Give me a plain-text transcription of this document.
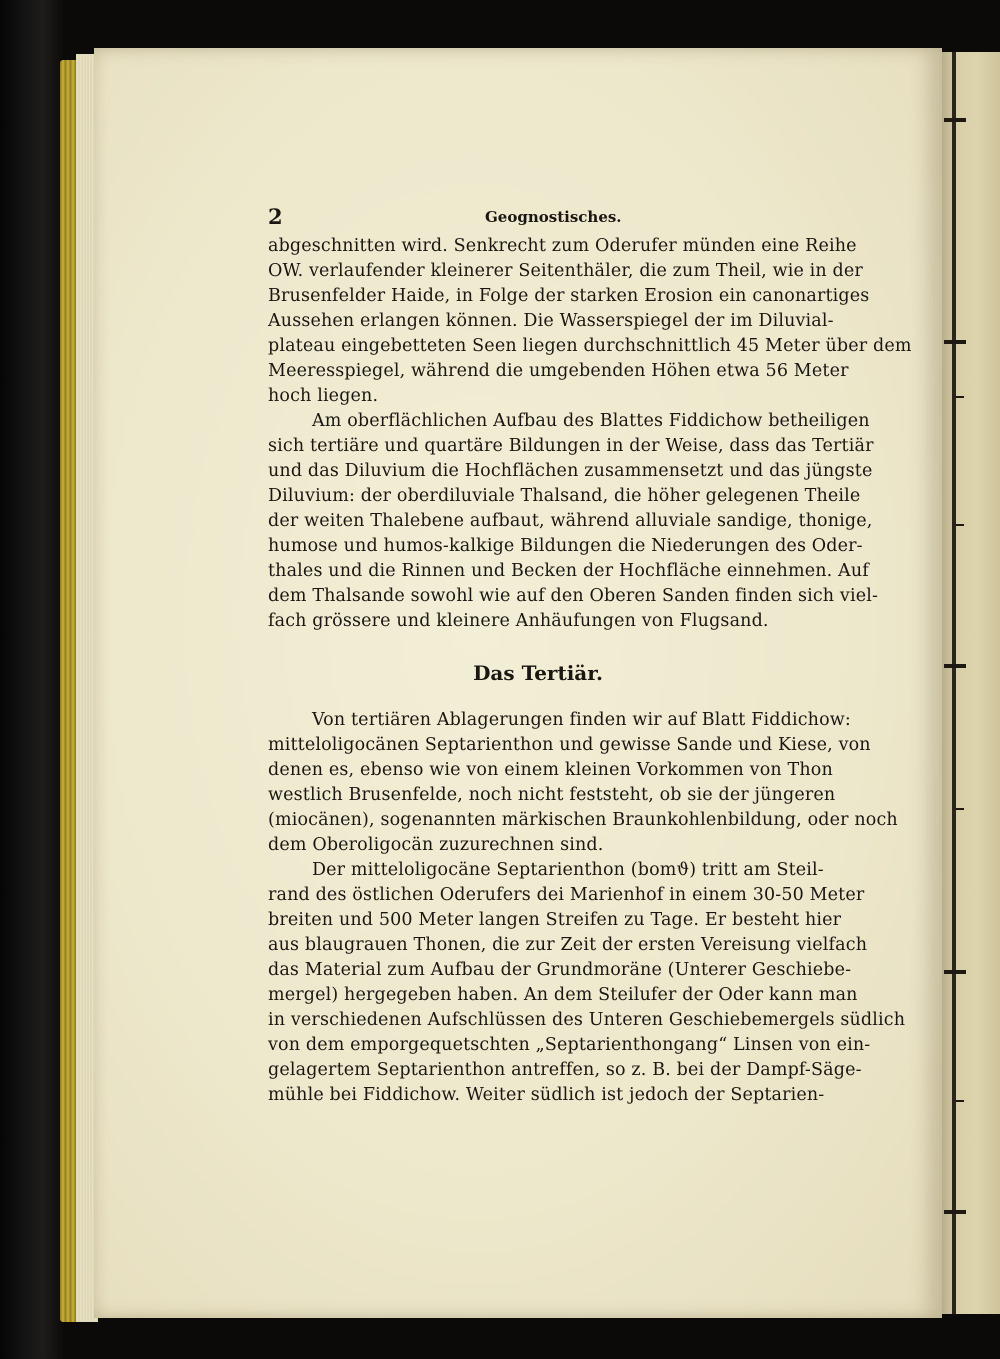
2	Geognostisches.

abgeschnitten wird. Senkrecht zum Oderufer münden eine Reihe

OW. verlaufender kleinerer Seitenthäler, die zum Theil, wie in der

Brusenfelder Haide, in Folge der starken Erosion ein canonartiges

Aussehen erlangen können. Die Wasserspiegel der im Diluvial-

plateau eingebetteten Seen liegen durchschnittlich 45 Meter über dem

Meeresspiegel, während die umgebenden Höhen etwa 56 Meter

hoch liegen.

Am oberflächlichen Aufbau des Blattes Fiddichow betheiligen

sich tertiäre und quartäre Bildungen in der Weise, dass das Tertiär

und das Diluvium die Hochflächen zusammensetzt und das jüngste

Diluvium: der oberdiluviale Thalsand, die höher gelegenen Theile

der weiten Thalebene aufbaut, während alluviale sandige, thonige,

humose und humos-kalkige Bildungen die Niederungen des Oder-

thales und die Rinnen und Becken der Hochfläche einnehmen. Auf

dem Thalsande sowohl wie auf den Oberen Sanden finden sich viel-

fach grössere und kleinere Anhäufungen von Flugsand.

Das Tertiär.

Von tertiären Ablagerungen finden wir auf Blatt Fiddichow:

mitteloligocänen Septarienthon und gewisse Sande und Kiese, von

denen es, ebenso wie von einem kleinen Vorkommen von Thon

westlich Brusenfelde, noch nicht feststeht, ob sie der jüngeren

(miocänen), sogenannten märkischen Braunkohlenbildung, oder noch

dem Oberoligocän zuzurechnen sind.

Der mitteloligocäne Septarienthon (bomϑ) tritt am Steil-

rand des östlichen Oderufers dei Marienhof in einem 30-50 Meter

breiten und 500 Meter langen Streifen zu Tage. Er besteht hier

aus blaugrauen Thonen, die zur Zeit der ersten Vereisung vielfach

das Material zum Aufbau der Grundmoräne (Unterer Geschiebe-

mergel) hergegeben haben. An dem Steilufer der Oder kann man

in verschiedenen Aufschlüssen des Unteren Geschiebemergels südlich

von dem emporgequetschten „Septarienthongang“ Linsen von ein-

gelagertem Septarienthon antreffen, so z. B. bei der Dampf-Säge-

mühle bei Fiddichow. Weiter südlich ist jedoch der Septarien-
